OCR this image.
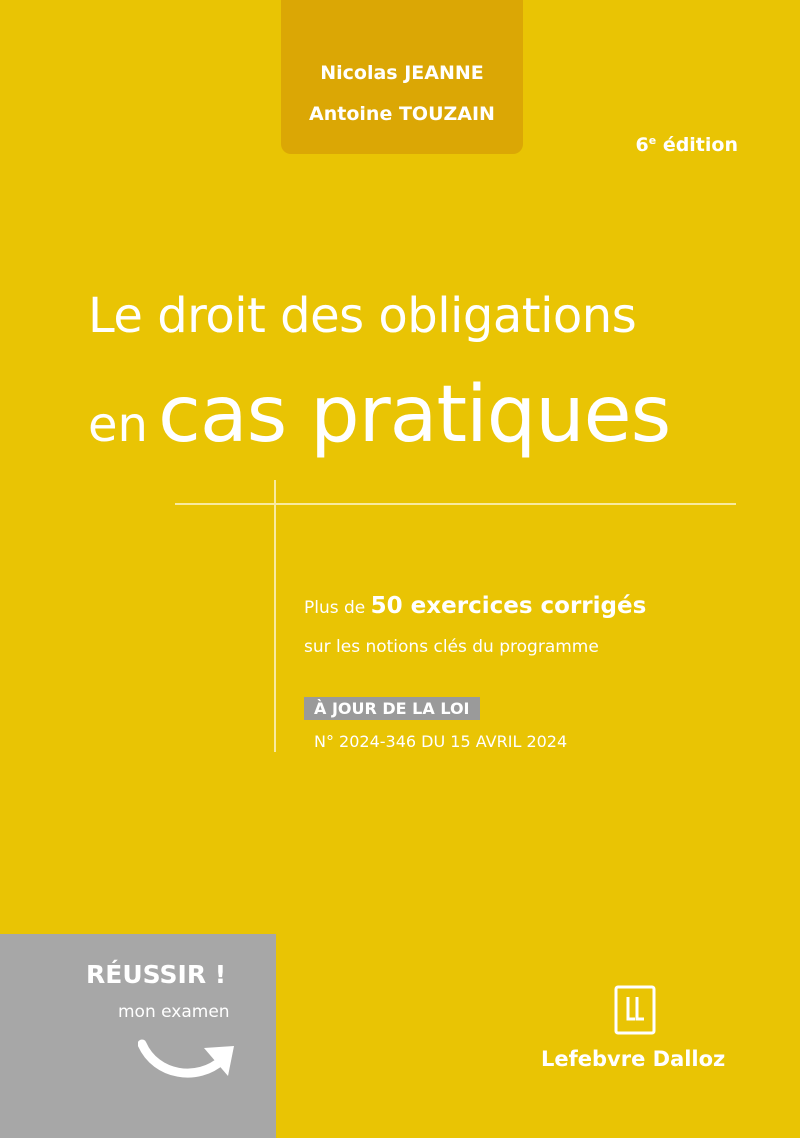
Nicolas JEANNE
Antoine TOUZAIN
6e édition
Le droit des obligations
en cas pratiques
Plus de 50 exercices corrigés
sur les notions clés du programme
À JOUR DE LA LOI
N° 2024-346 DU 15 AVRIL 2024
RÉUSSIR !
mon examen
Lefebvre Dalloz
